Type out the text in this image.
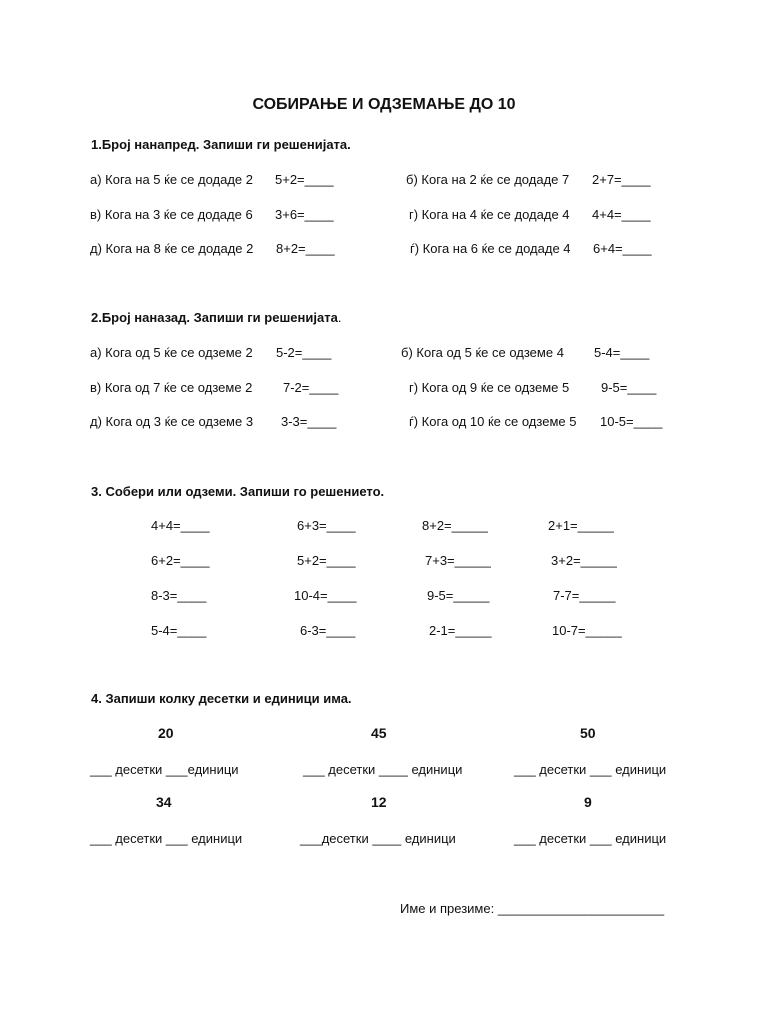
СОБИРАЊЕ И ОДЗЕМАЊЕ ДО 10
1.Број нанапред. Запиши ги решенијата.
а) Кога на 5 ќе се додаде 2 5+2=____	б) Кога на 2 ќе се додаде 7 2+7=____
в) Кога на 3 ќе се додаде 6 3+6=____	г) Кога на 4 ќе се додаде 4 4+4=____
д) Кога на 8 ќе се додаде 2 8+2=____	ѓ) Кога на 6 ќе се додаде 4 6+4=____
2.Број наназад. Запиши ги решенијата.
а) Кога од 5 ќе се одземе 2 5-2=____	б) Кога од 5 ќе се одземе 4 5-4=____
в) Кога од 7 ќе се одземе 2 7-2=____	г) Кога од 9 ќе се одземе 5 9-5=____
д) Кога од 3 ќе се одземе 3 3-3=____	ѓ) Кога од 10 ќе се одземе 5 10-5=____
3. Собери или одземи. Запиши го решението.
4+4=____	6+3=____	8+2=_____	2+1=_____
6+2=____	5+2=____	7+3=_____	3+2=_____
8-3=____	10-4=____	9-5=_____	7-7=_____
5-4=____	6-3=____	2-1=_____	10-7=_____
4. Запиши колку десетки и единици има.
20	45	50
___ десетки ___единици	___ десетки ____ единици	___ десетки ___ единици
34	12	9
___ десетки ___ единици	___десетки ____ единици	___ десетки ___ единици
Име и презиме: _______________________
